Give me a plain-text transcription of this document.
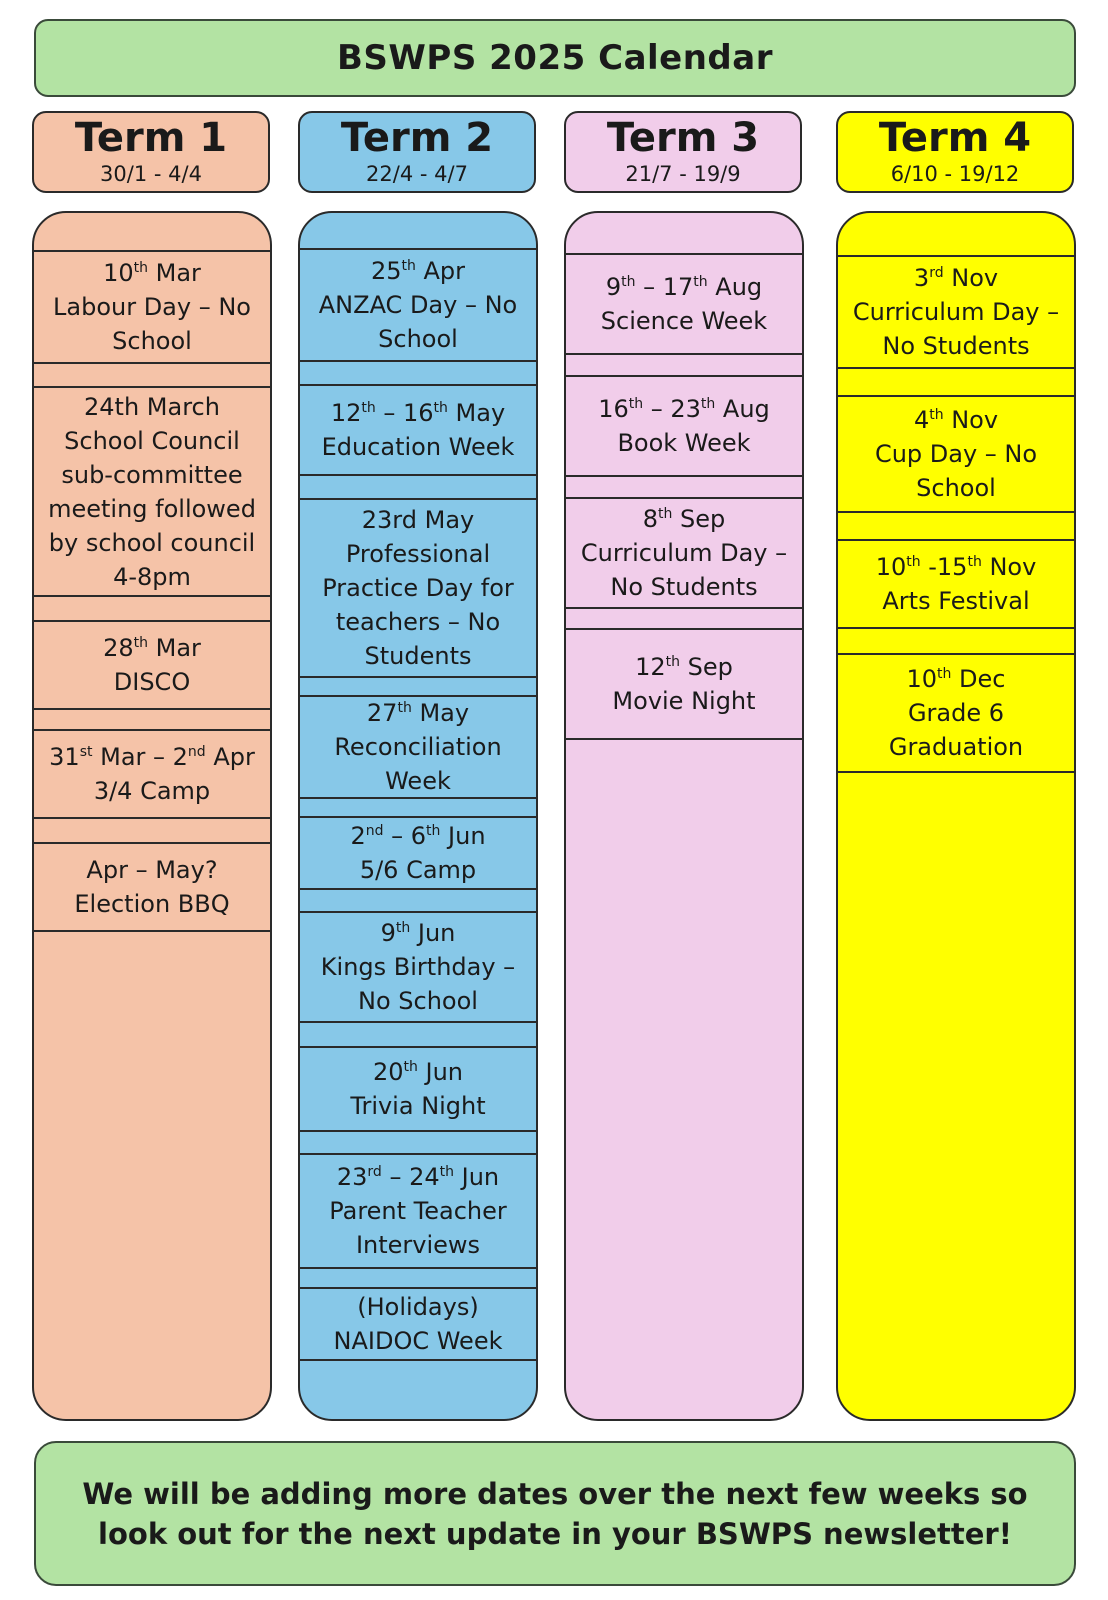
BSWPS 2025 Calendar
Term 1
30/1 - 4/4
Term 2
22/4 - 4/7
Term 3
21/7 - 19/9
Term 4
6/10 - 19/12
10th Mar
Labour Day – No
School
24th March
School Council
sub-committee
meeting followed
by school council
4-8pm
28th Mar
DISCO
31st Mar – 2nd Apr
3/4 Camp
Apr – May?
Election BBQ
25th Apr
ANZAC Day – No
School
12th – 16th May
Education Week
23rd May
Professional
Practice Day for
teachers – No
Students
27th May
Reconciliation
Week
2nd – 6th Jun
5/6 Camp
9th Jun
Kings Birthday –
No School
20th Jun
Trivia Night
23rd – 24th Jun
Parent Teacher
Interviews
(Holidays)
NAIDOC Week
9th – 17th Aug
Science Week
16th – 23th Aug
Book Week
8th Sep
Curriculum Day –
No Students
12th Sep
Movie Night
3rd Nov
Curriculum Day –
No Students
4th Nov
Cup Day – No
School
10th -15th Nov
Arts Festival
10th Dec
Grade 6
Graduation
We will be adding more dates over the next few weeks so look out for the next update in your BSWPS newsletter!
